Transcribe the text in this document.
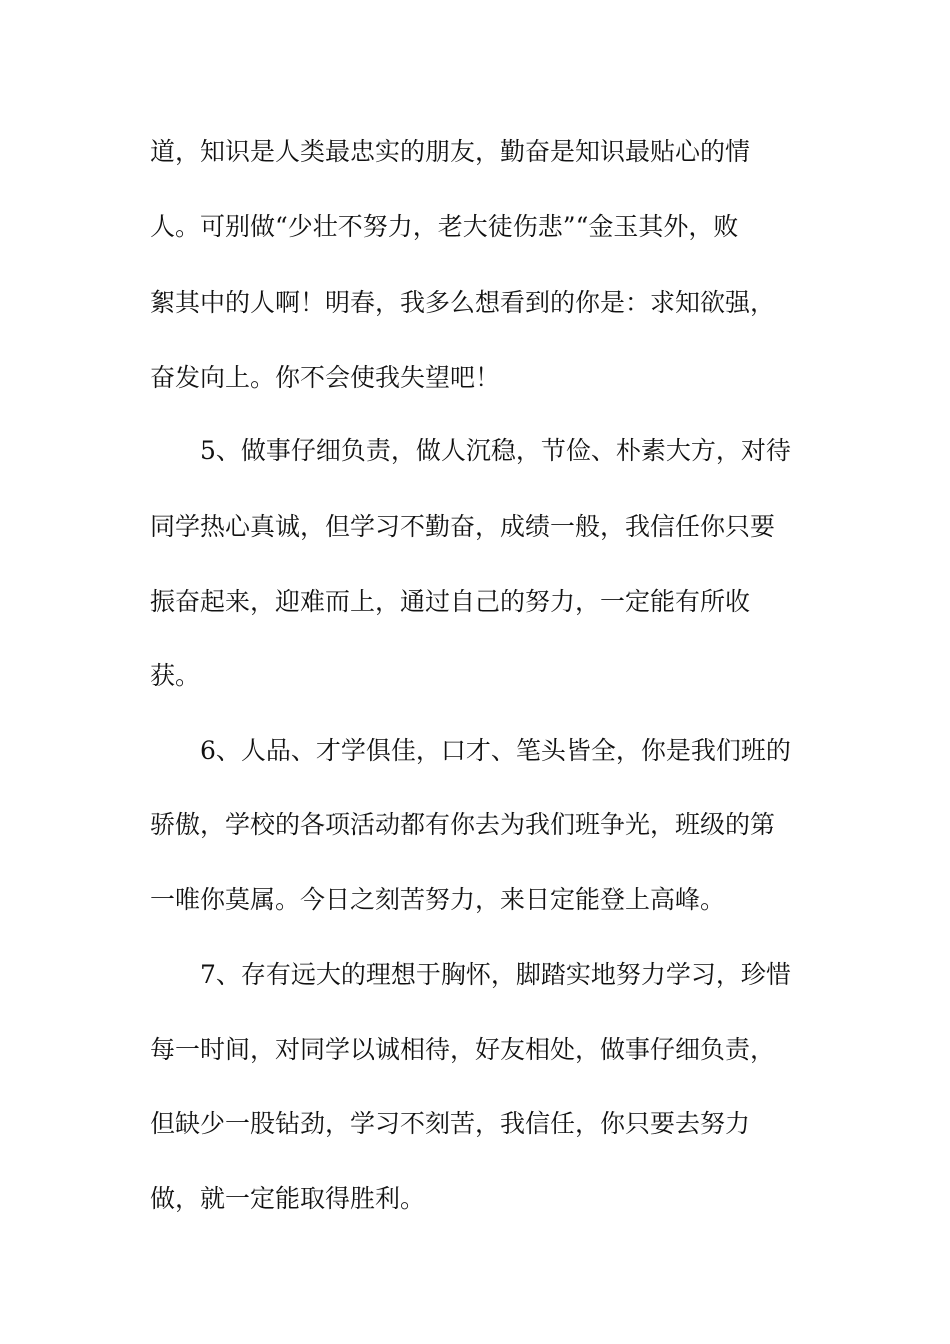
道，知识是人类最忠实的朋友，勤奋是知识最贴心的情
人。可别做“少壮不努力，老大徒伤悲”“金玉其外，败
絮其中的人啊！明春，我多么想看到的你是：求知欲强，
奋发向上。你不会使我失望吧！
5、做事仔细负责，做人沉稳，节俭、朴素大方，对待
同学热心真诚，但学习不勤奋，成绩一般，我信任你只要
振奋起来，迎难而上，通过自己的努力，一定能有所收
获。
6、人品、才学俱佳，口才、笔头皆全，你是我们班的
骄傲，学校的各项活动都有你去为我们班争光，班级的第
一唯你莫属。今日之刻苦努力，来日定能登上高峰。
7、存有远大的理想于胸怀，脚踏实地努力学习，珍惜
每一时间，对同学以诚相待，好友相处，做事仔细负责，
但缺少一股钻劲，学习不刻苦，我信任，你只要去努力
做，就一定能取得胜利。
